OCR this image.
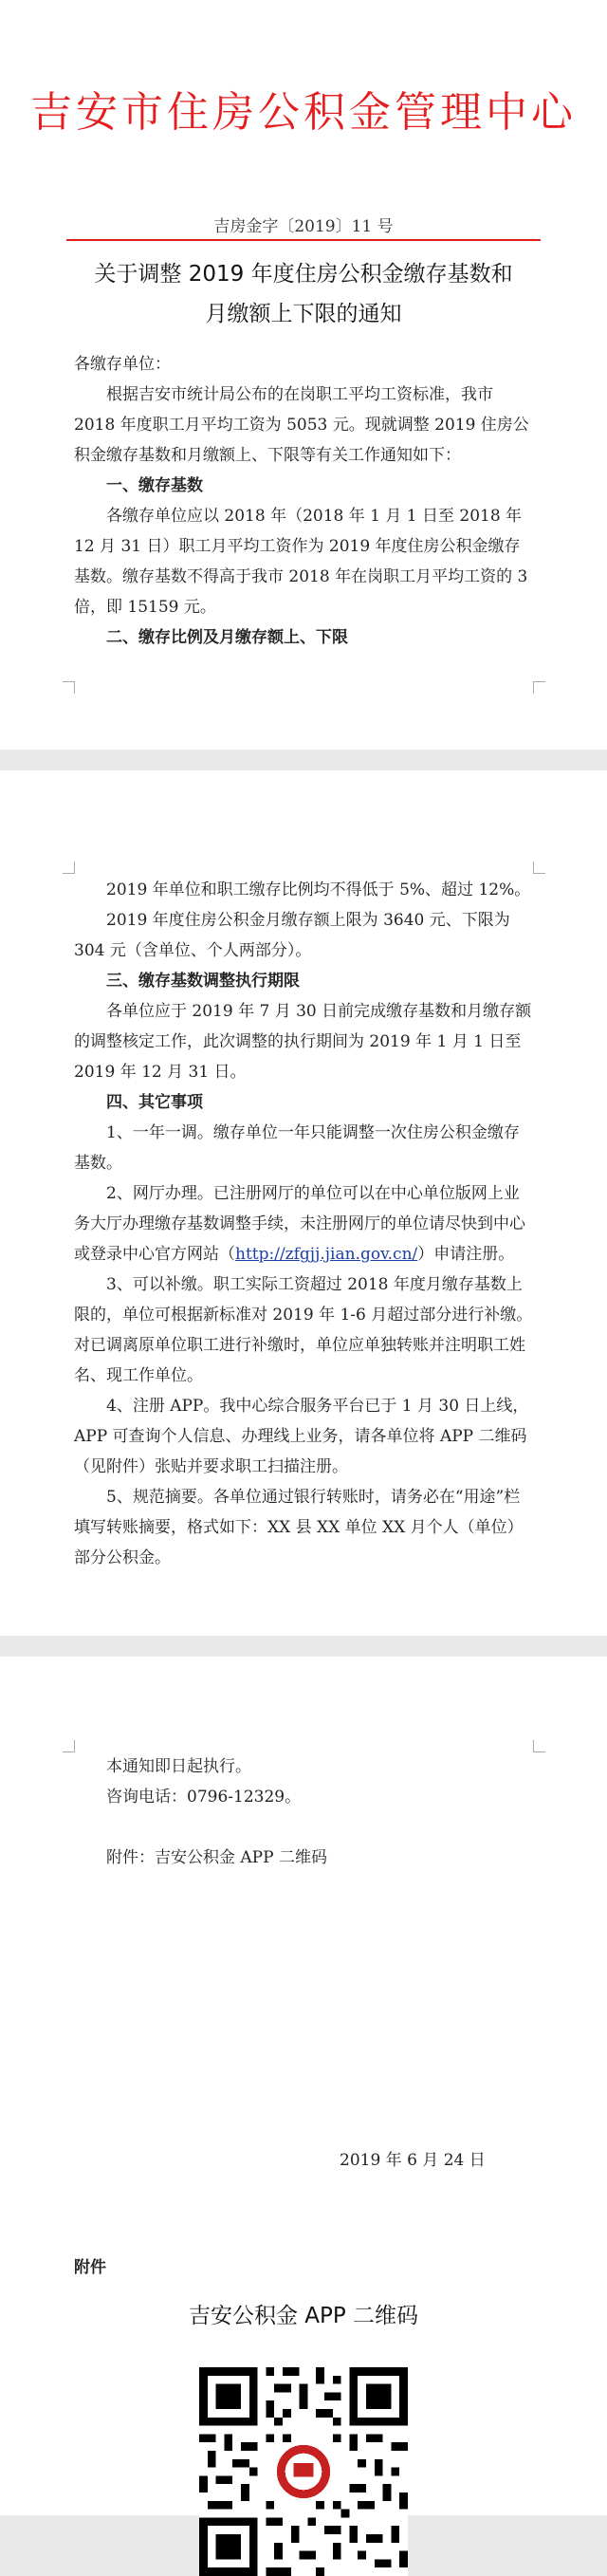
吉安市住房公积金管理中心
吉房金字〔2019〕11 号
关于调整 2019 年度住房公积金缴存基数和
月缴额上下限的通知

各缴存单位：

根据吉安市统计局公布的在岗职工平均工资标准，我市 2018 年度职工月平均工资为 5053 元。现就调整 2019 住房公积金缴存基数和月缴额上、下限等有关工作通知如下：

一、缴存基数

各缴存单位应以 2018 年（2018 年 1 月 1 日至 2018 年 12 月 31 日）职工月平均工资作为 2019 年度住房公积金缴存基数。缴存基数不得高于我市 2018 年在岗职工月平均工资的 3 倍，即 15159 元。

二、缴存比例及月缴存额上、下限

2019 年单位和职工缴存比例均不得低于 5%、超过 12%。

2019 年度住房公积金月缴存额上限为 3640 元、下限为 304 元（含单位、个人两部分）。

三、缴存基数调整执行期限

各单位应于 2019 年 7 月 30 日前完成缴存基数和月缴存额的调整核定工作，此次调整的执行期间为 2019 年 1 月 1 日至 2019 年 12 月 31 日。

四、其它事项

1、一年一调。缴存单位一年只能调整一次住房公积金缴存基数。

2、网厅办理。已注册网厅的单位可以在中心单位版网上业务大厅办理缴存基数调整手续，未注册网厅的单位请尽快到中心或登录中心官方网站（http://zfgjj.jian.gov.cn/）申请注册。

3、可以补缴。职工实际工资超过 2018 年度月缴存基数上限的，单位可根据新标准对 2019 年 1-6 月超过部分进行补缴。对已调离原单位职工进行补缴时，单位应单独转账并注明职工姓名、现工作单位。

4、注册 APP。我中心综合服务平台已于 1 月 30 日上线，APP 可查询个人信息、办理线上业务，请各单位将 APP 二维码（见附件）张贴并要求职工扫描注册。

5、规范摘要。各单位通过银行转账时，请务必在“用途”栏填写转账摘要，格式如下：XX 县 XX 单位 XX 月个人（单位）部分公积金。

本通知即日起执行。

咨询电话：0796-12329。

附件：吉安公积金 APP 二维码

2019 年 6 月 24 日
附件
吉安公积金 APP 二维码
